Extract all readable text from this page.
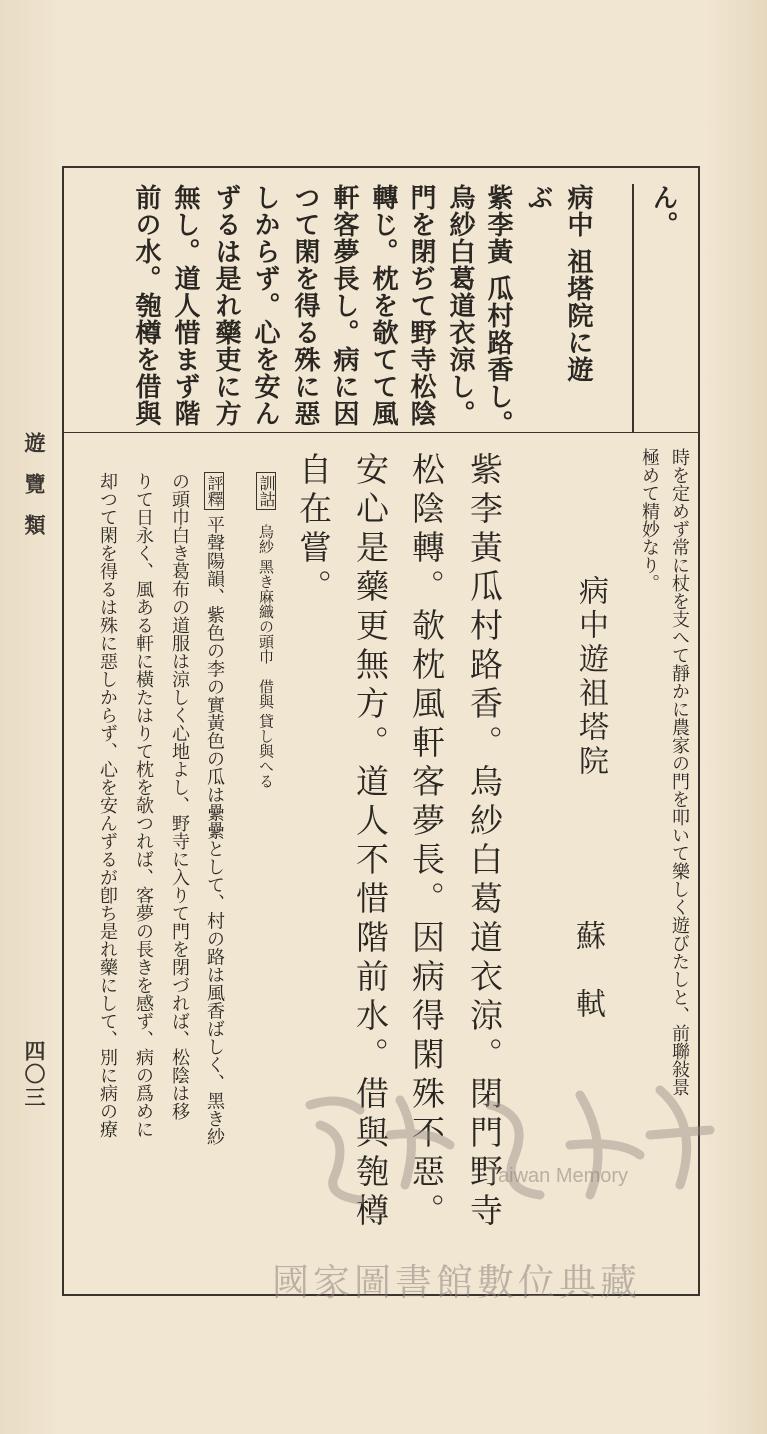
ん。
病中 祖塔院に遊
ぶ
紫李黃 瓜村路香し。
烏紗白葛道衣涼し。
門を閉ぢて野寺松陰
轉じ。枕を欹てて風
軒客夢長し。病に因
つて閑を得る殊に惡
しからず。心を安ん
ずるは是れ藥吏に方
無し。道人惜まず階
前の水。匏樽を借與
遊覽類
四〇三	時を定めず常に杖を支へて靜かに農家の門を叩いて樂しく遊びたしと、前聯敍景
極めて精妙なり。
病中遊祖塔院
蘇　軾
紫李黃瓜村路香。烏紗白葛道衣涼。閉門野寺
松陰轉。欹枕風軒客夢長。因病得閑殊不惡。
安心是藥更無方。道人不惜階前水。借與匏樽
自在嘗。
訓詁 烏紗 黑き麻織の頭巾　借與 貸し與へる
評釋 平聲陽韻、紫色の李の實黃色の瓜は纍纍として、村の路は風香ばしく、黑き紗
の頭巾白き葛布の道服は涼しく心地よし、野寺に入りて門を閉づれば、松陰は移
りて日永く、風ある軒に橫たはりて枕を欹つれば、客夢の長きを感ず、病の爲めに
却つて閑を得るは殊に惡しからず、心を安んずるが卽ち是れ藥にして、別に病の療
Taiwan Memory
國家圖書館數位典藏
